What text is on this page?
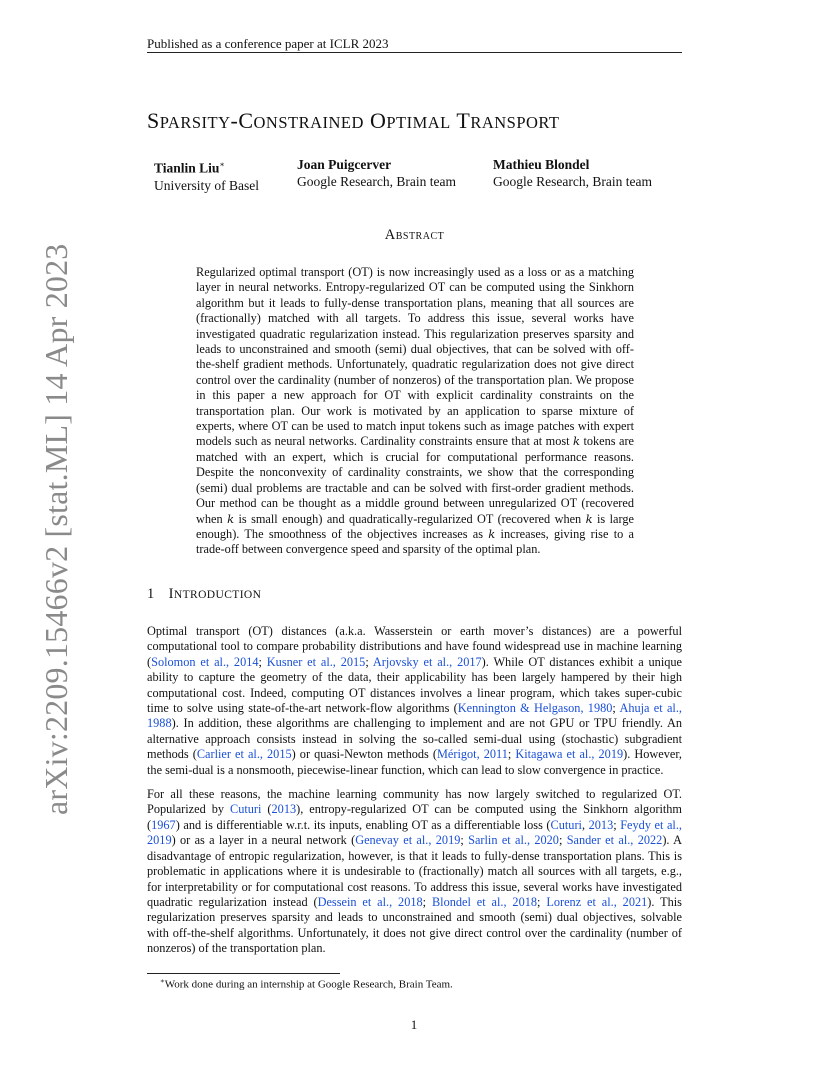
Published as a conference paper at ICLR 2023
arXiv:2209.15466v2 [stat.ML] 14 Apr 2023
SPARSITY-CONSTRAINED OPTIMAL TRANSPORT
Tianlin Liu∗
University of Basel
Joan Puigcerver
Google Research, Brain team
Mathieu Blondel
Google Research, Brain team
Abstract
Regularized optimal transport (OT) is now increasingly used as a loss or as a matching layer in neural networks. Entropy-regularized OT can be computed using the Sinkhorn algorithm but it leads to fully-dense transportation plans, meaning that all sources are (fractionally) matched with all targets. To address this issue, several works have investigated quadratic regularization instead. This regularization preserves sparsity and leads to unconstrained and smooth (semi) dual objectives, that can be solved with off-the-shelf gradient methods. Unfortunately, quadratic regularization does not give direct control over the cardinality (number of nonzeros) of the transportation plan. We propose in this paper a new approach for OT with explicit cardinality constraints on the transportation plan. Our work is motivated by an application to sparse mixture of experts, where OT can be used to match input tokens such as image patches with expert models such as neural networks. Cardinality constraints ensure that at most k tokens are matched with an expert, which is crucial for computational performance reasons. Despite the nonconvexity of cardinality constraints, we show that the corresponding (semi) dual problems are tractable and can be solved with first-order gradient methods. Our method can be thought as a middle ground between unregularized OT (recovered when k is small enough) and quadratically-regularized OT (recovered when k is large enough). The smoothness of the objectives increases as k increases, giving rise to a trade-off between convergence speed and sparsity of the optimal plan.
1 INTRODUCTION

Optimal transport (OT) distances (a.k.a. Wasserstein or earth mover’s distances) are a powerful computational tool to compare probability distributions and have found widespread use in machine learning (Solomon et al., 2014; Kusner et al., 2015; Arjovsky et al., 2017). While OT distances exhibit a unique ability to capture the geometry of the data, their applicability has been largely hampered by their high computational cost. Indeed, computing OT distances involves a linear program, which takes super-cubic time to solve using state-of-the-art network-flow algorithms (Kennington & Helgason, 1980; Ahuja et al., 1988). In addition, these algorithms are challenging to implement and are not GPU or TPU friendly. An alternative approach consists instead in solving the so-called semi-dual using (stochastic) subgradient methods (Carlier et al., 2015) or quasi-Newton methods (Mérigot, 2011; Kitagawa et al., 2019). However, the semi-dual is a nonsmooth, piecewise-linear function, which can lead to slow convergence in practice.

For all these reasons, the machine learning community has now largely switched to regularized OT. Popularized by Cuturi (2013), entropy-regularized OT can be computed using the Sinkhorn algorithm (1967) and is differentiable w.r.t. its inputs, enabling OT as a differentiable loss (Cuturi, 2013; Feydy et al., 2019) or as a layer in a neural network (Genevay et al., 2019; Sarlin et al., 2020; Sander et al., 2022). A disadvantage of entropic regularization, however, is that it leads to fully-dense transportation plans. This is problematic in applications where it is undesirable to (fractionally) match all sources with all targets, e.g., for interpretability or for computational cost reasons. To address this issue, several works have investigated quadratic regularization instead (Dessein et al., 2018; Blondel et al., 2018; Lorenz et al., 2021). This regularization preserves sparsity and leads to unconstrained and smooth (semi) dual objectives, solvable with off-the-shelf algorithms. Unfortunately, it does not give direct control over the cardinality (number of nonzeros) of the transportation plan.

∗Work done during an internship at Google Research, Brain Team.
1
